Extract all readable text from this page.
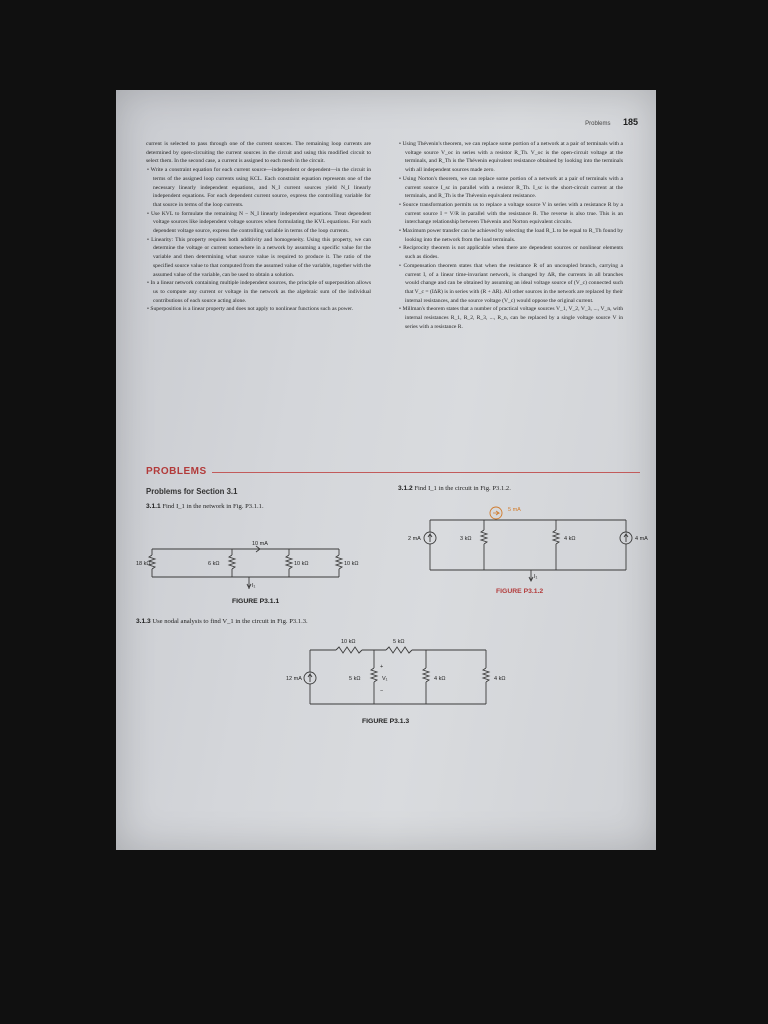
Problems 185

current is selected to pass through one of the current sources. The remaining loop currents are determined by open-circuiting the current sources in the circuit and using this modified circuit to select them. In the second case, a current is assigned to each mesh in the circuit.

• Write a constraint equation for each current source—independent or dependent—in the circuit in terms of the assigned loop currents using KCL. Each constraint equation represents one of the necessary linearly independent equations, and N_I current sources yield N_I linearly independent equations. For each dependent current source, express the controlling variable for that source in terms of the loop currents.

• Use KVL to formulate the remaining N − N_I linearly independent equations. Treat dependent voltage sources like independent voltage sources when formulating the KVL equations. For each dependent voltage source, express the controlling variable in terms of the loop currents.

• Linearity: This property requires both additivity and homogeneity. Using this property, we can determine the voltage or current somewhere in a network by assuming a specific value for the variable and then determining what source value is required to produce it. The ratio of the specified source value to that computed from the assumed value of the variable, together with the assumed value of the variable, can be used to obtain a solution.

• In a linear network containing multiple independent sources, the principle of superposition allows us to compute any current or voltage in the network as the algebraic sum of the individual contributions of each source acting alone.

• Superposition is a linear property and does not apply to nonlinear functions such as power.

• Using Thévenin's theorem, we can replace some portion of a network at a pair of terminals with a voltage source V_oc in series with a resistor R_Th. V_oc is the open-circuit voltage at the terminals, and R_Th is the Thévenin equivalent resistance obtained by looking into the terminals with all independent sources made zero.

• Using Norton's theorem, we can replace some portion of a network at a pair of terminals with a current source I_sc in parallel with a resistor R_Th. I_sc is the short-circuit current at the terminals, and R_Th is the Thévenin equivalent resistance.

• Source transformation permits us to replace a voltage source V in series with a resistance R by a current source I = V/R in parallel with the resistance R. The reverse is also true. This is an interchange relationship between Thévenin and Norton equivalent circuits.

• Maximum power transfer can be achieved by selecting the load R_L to be equal to R_Th found by looking into the network from the load terminals.

• Reciprocity theorem is not applicable when there are dependent sources or nonlinear elements such as diodes.

• Compensation theorem states that when the resistance R of an uncoupled branch, carrying a current I, of a linear time-invariant network, is changed by ΔR, the currents in all branches would change and can be obtained by assuming an ideal voltage source of (V_c) connected such that V_c = (IΔR) is in series with (R + ΔR). All other sources in the network are replaced by their internal resistances, and the source voltage (V_c) would oppose the original current.

• Millman's theorem states that a number of practical voltage sources V_1, V_2, V_3, ..., V_n, with internal resistances R_1, R_2, R_3, ..., R_n, can be replaced by a single voltage source V in series with a resistance R.

PROBLEMS
Problems for Section 3.1
3.1.1 Find I_1 in the network in Fig. P3.1.1.
3.1.2 Find I_1 in the circuit in Fig. P3.1.2.
3.1.3 Use nodal analysis to find V_1 in the circuit in Fig. P3.1.3.
18 kΩ	6 kΩ	10 kΩ	10 kΩ
10 mA
I₁
FIGURE P3.1.1
2 mA	3 kΩ
5 mA
4 kΩ	4 mA
I₁
FIGURE P3.1.2
10 kΩ	5 kΩ
12 mA	5 kΩ
+
V₁
−
4 kΩ	4 kΩ
FIGURE P3.1.3
